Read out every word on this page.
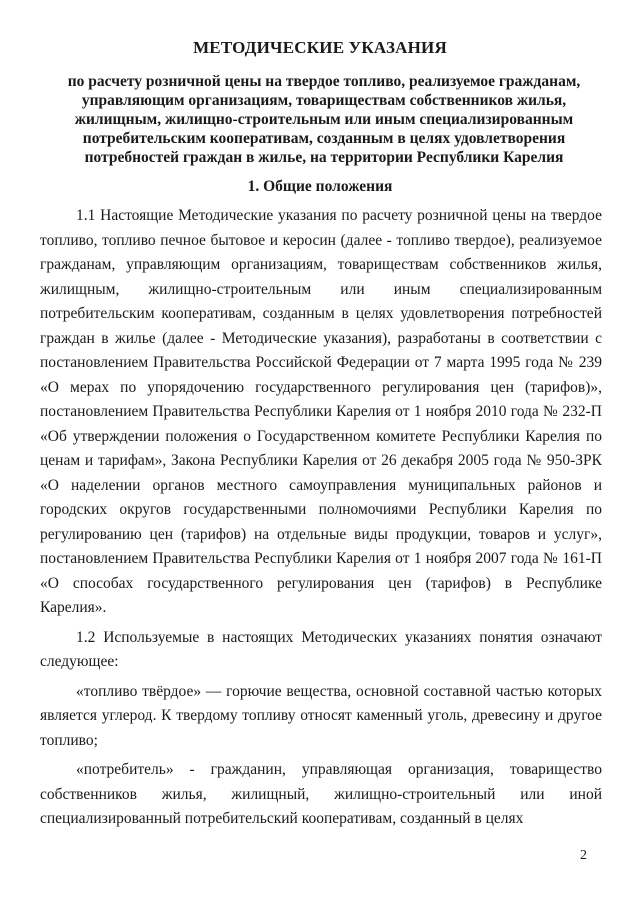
МЕТОДИЧЕСКИЕ УКАЗАНИЯ
по расчету розничной цены на твердое топливо, реализуемое гражданам, управляющим организациям, товариществам собственников жилья, жилищным, жилищно-строительным или иным специализированным потребительским кооперативам, созданным в целях удовлетворения потребностей граждан в жилье, на территории Республики Карелия
1. Общие положения

1.1 Настоящие Методические указания по расчету розничной цены на твердое топливо, топливо печное бытовое и керосин (далее - топливо твердое), реализуемое гражданам, управляющим организациям, товариществам собственников жилья, жилищным, жилищно-строительным или иным специализированным потребительским кооперативам, созданным в целях удовлетворения потребностей граждан в жилье (далее - Методические указания), разработаны в соответствии с постановлением Правительства Российской Федерации от 7 марта 1995 года № 239 «О мерах по упорядочению государственного регулирования цен (тарифов)», постановлением Правительства Республики Карелия от 1 ноября 2010 года № 232-П «Об утверждении положения о Государственном комитете Республики Карелия по ценам и тарифам», Закона Республики Карелия от 26 декабря 2005 года № 950-ЗРК «О наделении органов местного самоуправления муниципальных районов и городских округов государственными полномочиями Республики Карелия по регулированию цен (тарифов) на отдельные виды продукции, товаров и услуг», постановлением Правительства Республики Карелия от 1 ноября 2007 года № 161-П «О способах государственного регулирования цен (тарифов) в Республике Карелия».

1.2 Используемые в настоящих Методических указаниях понятия означают следующее:

«топливо твёрдое» — горючие вещества, основной составной частью которых является углерод. К твердому топливу относят каменный уголь, древесину и другое топливо;

«потребитель» - гражданин, управляющая организация, товарищество собственников жилья, жилищный, жилищно-строительный или иной специализированный потребительский кооперативам, созданный в целях

2
